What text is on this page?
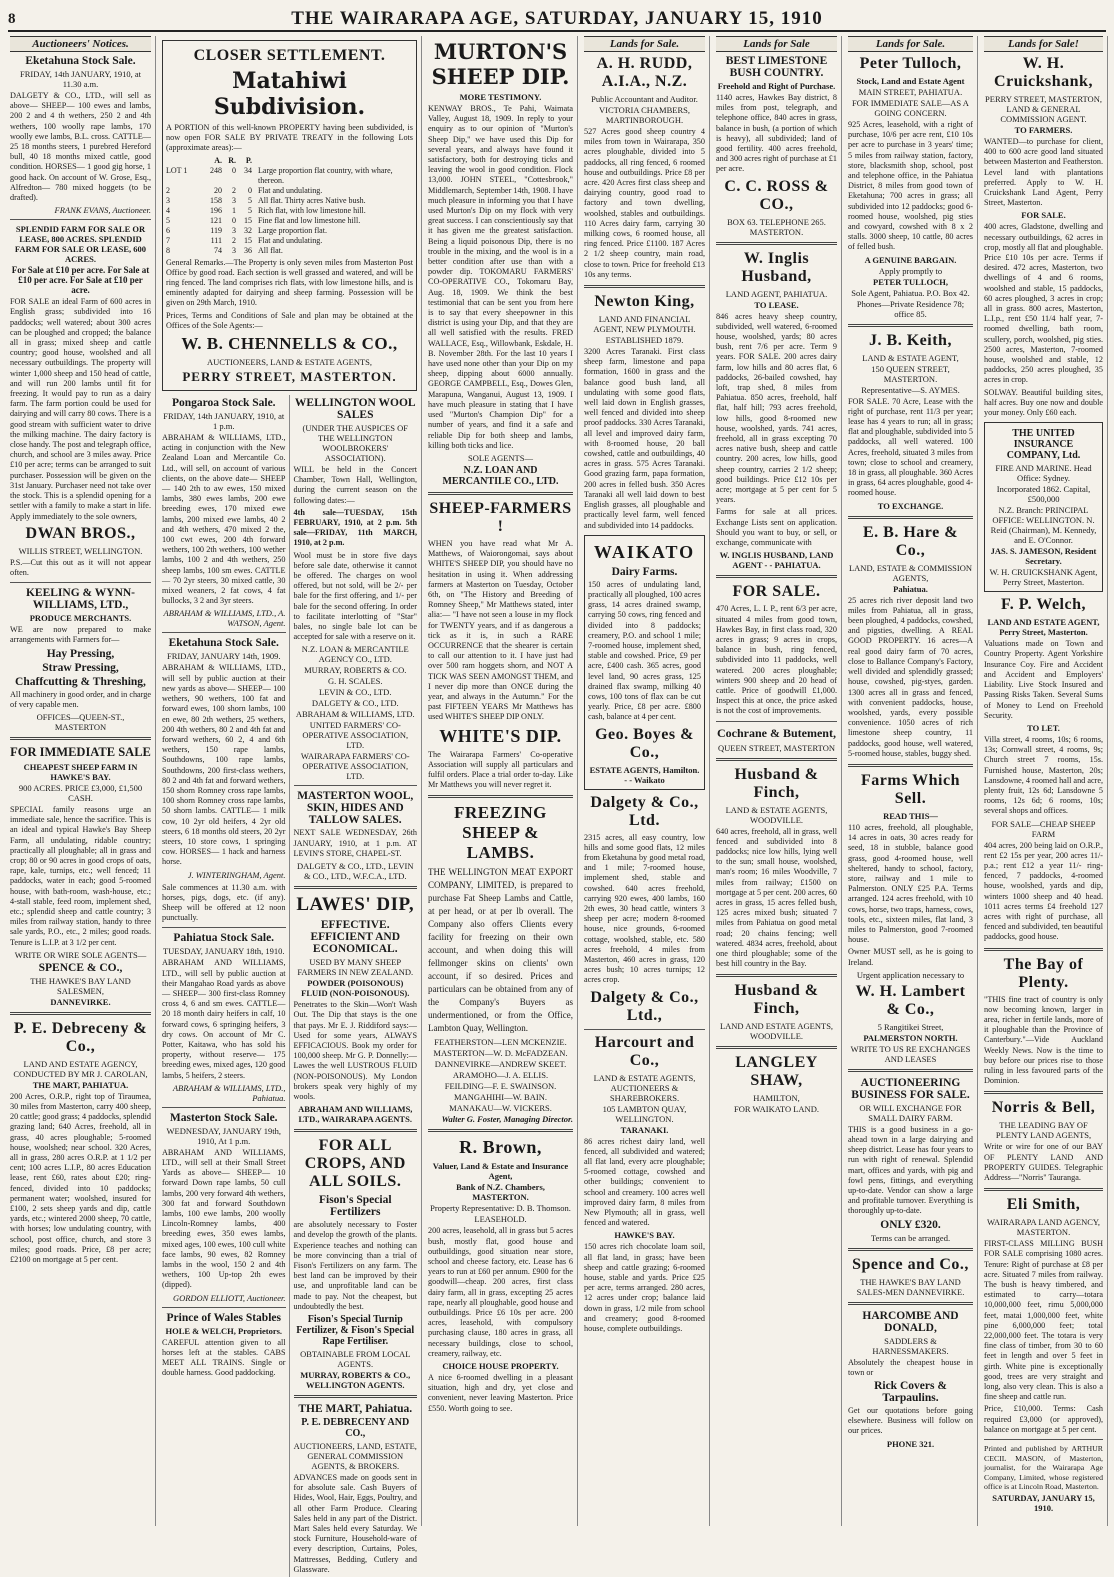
8	THE WAIRARAPA AGE, SATURDAY, JANUARY 15, 1910
Auctioneers' Notices.
Eketahuna Stock Sale.
FRIDAY, 14th JANUARY, 1910, at 11.30 a.m.
DALGETY & CO., LTD., will sell as above— SHEEP— 100 ewes and lambs, 200 2 and 4 th wethers, 250 2 and 4th wethers, 100 woolly rape lambs, 170 woolly ewe lambs, B.L. cross. CATTLE— 25 18 months steers, 1 purebred Hereford bull, 40 18 months mixed cattle, good condition. HORSES— 1 good gig horse, 1 good hack. On account of W. Grose, Esq., Alfredton— 780 mixed hoggets (to be drafted).
FRANK EVANS, Auctioneer.
SPLENDID FARM FOR SALE OR LEASE, 800 ACRES. SPLENDID FARM FOR SALE OR LEASE, 600 ACRES.
For Sale at £10 per acre. For Sale at £10 per acre. For Sale at £10 per acre.
FOR SALE an ideal Farm of 600 acres in English grass; subdivided into 16 paddocks; well watered; about 300 acres can be ploughed and cropped; the balance all in grass; mixed sheep and cattle country; good house, woolshed and all necessary outbuildings. The property will winter 1,000 sheep and 150 head of cattle, and will run 200 lambs until fit for freezing. It would pay to run as a dairy farm. The farm portion could be used for dairying and will carry 80 cows. There is a good stream with sufficient water to drive the milking machine. The dairy factory is close handy. The post and telegraph office, church, and school are 3 miles away. Price £10 per acre; terms can be arranged to suit purchaser. Possession will be given on the 31st January. Purchaser need not take over the stock. This is a splendid opening for a settler with a family to make a start in life. Apply immediately to the sole owners,
DWAN BROS.,
WILLIS STREET, WELLINGTON.
P.S.—Cut this out as it will not appear often.
KEELING & WYNN-WILLIAMS, LTD.,
PRODUCE MERCHANTS.
WE are now prepared to make arrangements with Farmers for—
Hay Pressing,
Straw Pressing,
Chaffcutting & Threshing,
All machinery in good order, and in charge of very capable men.
OFFICES—QUEEN-ST., MASTERTON
FOR IMMEDIATE SALE
CHEAPEST SHEEP FARM IN HAWKE'S BAY.
900 ACRES. PRICE £3,000, £1,500 CASH.
SPECIAL family reasons urge an immediate sale, hence the sacrifice. This is an ideal and typical Hawke's Bay Sheep Farm, all undulating, ridable country; practically all ploughable; all in grass and crop; 80 or 90 acres in good crops of oats, rape, kale, turnips, etc.; well fenced; 11 paddocks, water in each; good 5-roomed house, with bath-room, wash-house, etc.; 4-stall stable, feed room, implement shed, etc.; splendid sheep and cattle country; 3 miles from railway station, handy to three sale yards, P.O., etc., 2 miles; good roads. Tenure is L.I.P. at 3 1/2 per cent.
WRITE OR WIRE SOLE AGENTS—
SPENCE & CO.,
THE HAWKE'S BAY LAND SALESMEN,
DANNEVIRKE.
P. E. Debreceny & Co.,
LAND AND ESTATE AGENCY, CONDUCTED BY MR J. CAROLAN,
THE MART, PAHIATUA.
200 Acres, O.R.P., right top of Tiraumea, 30 miles from Masterton, carry 400 sheep, 20 cattle; good grass; 4 paddocks, splendid grazing land; 640 Acres, freehold, all in grass, 40 acres ploughable; 5-roomed house, woolshed; near school. 320 Acres, all in grass, 280 acres O.R.P. at 1 1/2 per cent; 100 acres L.I.P., 80 acres Education lease, rent £60, rates about £20; ring-fenced, divided into 10 paddocks; permanent water; woolshed, insured for £100, 2 sets sheep yards and dip, cattle yards, etc.; wintered 2000 sheep, 70 cattle, with horses; low undulating country, with school, post office, church, and store 3 miles; good roads. Price, £8 per acre; £2100 on mortgage at 5 per cent.
CLOSER SETTLEMENT.
Matahiwi Subdivision.
A PORTION of this well-known PROPERTY having been subdivided, is now open FOR SALE BY PRIVATE TREATY in the following Lots (approximate areas):—
A. R.	P.
LOT 1	248	0	34 Large proportion flat country, with whare, thereon.
2	20	2	0 Flat and undulating.
3	158	3	5 All flat. Thirty acres Native bush.
4	196	1	5 Rich flat, with low limestone hill.
5	121	0	15 Fine flat and low limestone hill.
6	119	3	32 Large proportion flat.
7	111	2	15 Flat and undulating.
8	74	3	36 All flat.
General Remarks.—The Property is only seven miles from Masterton Post Office by good road. Each section is well grassed and watered, and will be ring fenced. The land comprises rich flats, with low limestone hills, and is eminently adapted for dairying and sheep farming. Possession will be given on 29th March, 1910.
Prices, Terms and Conditions of Sale and plan may be obtained at the Offices of the Sole Agents:—
W. B. CHENNELLS & CO.,
AUCTIONEERS, LAND & ESTATE AGENTS,
PERRY STREET, MASTERTON.
Pongaroa Stock Sale.
FRIDAY, 14th JANUARY, 1910, at 1 p.m.
ABRAHAM & WILLIAMS, LTD., acting in conjunction with the New Zealand Loan and Mercantile Co. Ltd., will sell, on account of various clients, on the above date— SHEEP— 140 2th to aw ewes, 150 mixed lambs, 380 ewes lambs, 200 ewe breeding ewes, 170 mixed ewe lambs, 200 mixed ewe lambs, 40 2 and 4th wethers, 470 mixed 2 the, 100 cwt ewes, 200 4th forward wethers, 100 2th wethers, 100 wether lambs, 100 2 and 4th wethers, 250 sheep lambs, 100 sm ewes. CATTLE— 70 2yr steers, 30 mixed cattle, 30 mixed weaners, 2 fat cows, 4 fat bullocks, 3 2 and 3yr steers.
ABRAHAM & WILLIAMS, LTD., A. WATSON, Agent.
Eketahuna Stock Sale.
FRIDAY, JANUARY 14th, 1909.
ABRAHAM & WILLIAMS, LTD., will sell by public auction at their new yards as above— SHEEP— 100 wethers, 90 wethers, 100 fat and forward ewes, 100 shorn lambs, 100 en ewe, 80 2th wethers, 25 wethers, 200 4th wethers, 80 2 and 4th fat and forward wethers, 60 2, 4 and 6th wethers, 150 rape lambs, Southdowns, 100 rape lambs, Southdowns, 200 first-class wethers, 80 2 and 4th fat and forward wethers, 150 shorn Romney cross rape lambs, 100 shorn Romney cross rape lambs, 50 shorn lambs. CATTLE— 1 milk cow, 10 2yr old heifers, 4 2yr old steers, 6 18 months old steers, 20 2yr steers, 10 store cows, 1 springing cow. HORSES— 1 hack and harness horse.
J. WINTERINGHAM, Agent.
Sale commences at 11.30 a.m. with horses, pigs, dogs, etc. (if any). Sheep will be offered at 12 noon punctually.
Pahiatua Stock Sale.
TUESDAY, JANUARY 18th, 1910.
ABRAHAM AND WILLIAMS, LTD., will sell by public auction at their Mangahao Road yards as above— SHEEP— 300 first-class Romney cross 4, 6 and sm ewes. CATTLE— 20 18 month dairy heifers in calf, 10 forward cows, 6 springing heifers, 3 dry cows. On account of Mr C. Potter, Kaitawa, who has sold his property, without reserve— 175 breeding ewes, mixed ages, 120 good lambs, 5 heifers, 2 steers.
ABRAHAM & WILLIAMS, LTD., Pahiatua.
Masterton Stock Sale.
WEDNESDAY, JANUARY 19th, 1910, At 1 p.m.
ABRAHAM AND WILLIAMS, LTD., will sell at their Small Street Yards as above— SHEEP— 10 forward Down rape lambs, 50 cull lambs, 200 very forward 4th wethers, 300 fat and forward Southdown lambs, 100 ewe lambs, 200 woolly Lincoln-Romney lambs, 400 breeding ewes, 350 ewes lambs, mixed ages, 100 ewes, 100 cull white face lambs, 90 ewes, 82 Romney lambs in the wool, 150 2 and 4th wethers, 100 Up-top 2th ewes (dipped).
GORDON ELLIOTT, Auctioneer.
Prince of Wales Stables
HOLE & WELCH, Proprietors.
CAREFUL attention given to all horses left at the stables. CABS MEET ALL TRAINS. Single or double harness. Good paddocking.
WELLINGTON WOOL SALES
(UNDER THE AUSPICES OF THE WELLINGTON WOOLBROKERS' ASSOCIATION).
WILL be held in the Concert Chamber, Town Hall, Wellington, during the current season on the following dates:—
4th sale—TUESDAY, 15th FEBRUARY, 1910, at 2 p.m. 5th sale—FRIDAY, 11th MARCH, 1910, at 2 p.m.
Wool must be in store five days before sale date, otherwise it cannot be offered. The charges on wool offered, but not sold, will be 2/- per bale for the first offering, and 1/- per bale for the second offering. In order to facilitate interlotting of "Star" bales, no single bale lot can be accepted for sale with a reserve on it.
N.Z. LOAN & MERCANTILE AGENCY CO., LTD.
MURRAY, ROBERTS & CO.
G. H. SCALES.
LEVIN & CO., LTD.
DALGETY & CO., LTD.
ABRAHAM & WILLIAMS, LTD.
UNITED FARMERS' CO-OPERATIVE ASSOCIATION, LTD.
WAIRARAPA FARMERS' CO-OPERATIVE ASSOCIATION, LTD.
MASTERTON WOOL, SKIN, HIDES AND TALLOW SALES.
NEXT SALE WEDNESDAY, 26th JANUARY, 1910, at 1 p.m. AT LEVIN'S STORE, CHAPEL-ST.
DALGETY & CO., LTD., LEVIN & CO., LTD., W.F.C.A., LTD.
LAWES' DIP,
EFFECTIVE. EFFICIENT AND ECONOMICAL.
USED BY MANY SHEEP FARMERS IN NEW ZEALAND.
POWDER (POISONOUS) FLUID (NON-POISONOUS).
Penetrates to the Skin—Won't Wash Out. The Dip that stays is the one that pays. Mr E. J. Riddiford says:—Used for some years, ALWAYS EFFICACIOUS. Book my order for 100,000 sheep. Mr G. P. Donnelly:—Lawes the well LUSTROUS FLUID (NON-POISONOUS). My London brokers speak very highly of my wools.
ABRAHAM AND WILLIAMS, LTD., WAIRARAPA AGENTS.
FOR ALL CROPS, AND ALL SOILS.
Fison's Special Fertilizers
are absolutely necessary to Foster and develop the growth of the plants. Experience teaches and nothing can be more convincing than a trial of Fison's Fertilizers on any farm. The best land can be improved by their use, and unprofitable land can be made to pay. Not the cheapest, but undoubtedly the best.
Fison's Special Turnip Fertilizer, & Fison's Special Rape Fertiliser.
OBTAINABLE FROM LOCAL AGENTS.
MURRAY, ROBERTS & CO., WELLINGTON AGENTS.
THE MART, Pahiatua.
P. E. DEBRECENY AND CO.,
AUCTIONEERS, LAND, ESTATE, GENERAL COMMISSION AGENTS, & BROKERS.
ADVANCES made on goods sent in for absolute sale. Cash Buyers of Hides, Wool, Hair, Eggs, Poultry, and all other Farm Produce. Clearing Sales held in any part of the District. Mart Sales held every Saturday. We stock Furniture, Household-ware of every description, Curtains, Poles, Mattresses, Bedding, Cutlery and Glassware.
MURTON'S SHEEP DIP.
MORE TESTIMONY.
KENWAY BROS., Te Pahi, Waimata Valley, August 18, 1909. In reply to your enquiry as to our opinion of "Murton's Sheep Dip," we have used this Dip for several years, and always have found it satisfactory, both for destroying ticks and leaving the wool in good condition. Flock 13,000. JOHN STEEL, "Cottesbrook," Middlemarch, September 14th, 1908. I have much pleasure in informing you that I have used Murton's Dip on my flock with very great success. I can conscientiously say that it has given me the greatest satisfaction. Being a liquid poisonous Dip, there is no trouble in the mixing, and the wool is in a better condition after use than with a powder dip. TOKOMARU FARMERS' CO-OPERATIVE CO., Tokomaru Bay, Aug. 18, 1909. We think the best testimonial that can be sent you from here is to say that every sheepowner in this district is using your Dip, and that they are all well satisfied with the results. FRED WALLACE, Esq., Willowbank, Eskdale, H. B. November 28th. For the last 10 years I have used none other than your Dip on my sheep, dipping about 6000 annually. GEORGE CAMPBELL, Esq., Dowes Glen, Marapuna, Wanganui, August 13, 1909. I have much pleasure in stating that I have used "Murton's Champion Dip" for a number of years, and find it a safe and reliable Dip for both sheep and lambs, killing both ticks and lice.
SOLE AGENTS—
N.Z. LOAN AND MERCANTILE CO., LTD.
SHEEP-FARMERS !
WHEN you have read what Mr A. Matthews, of Waiorongomai, says about WHITE'S SHEEP DIP, you should have no hesitation in using it. When addressing farmers at Masterton on Tuesday, October 6th, on "The History and Breeding of Romney Sheep," Mr Matthews stated, inter alia:— "I have not seen a louse in my flock for TWENTY years, and if as dangerous a tick as it is, in such a RARE OCCURRENCE that the shearer is certain to call our attention to it. I have just had over 500 ram hoggets shorn, and NOT A TICK WAS SEEN AMONGST THEM, and I never dip more than ONCE during the year, and always in the Autumn." For the past FIFTEEN YEARS Mr Matthews has used WHITE'S SHEEP DIP ONLY.
WHITE'S DIP.
The Wairarapa Farmers' Co-operative Association will supply all particulars and fulfil orders. Place a trial order to-day. Like Mr Matthews you will never regret it.
FREEZING SHEEP & LAMBS.
THE WELLINGTON MEAT EXPORT COMPANY, LIMITED, is prepared to purchase Fat Sheep Lambs and Cattle, at per head, or at per lb overall. The Company also offers Clients every facility for freezing on their own account, and when doing this will fellmonger skins on clients' own account, if so desired. Prices and particulars can be obtained from any of the Company's Buyers as undermentioned, or from the Office, Lambton Quay, Wellington.
FEATHERSTON—LEN MCKENZIE.
MASTERTON—W. D. McFADZEAN.
DANNEVIRKE—ANDREW SKEET.
ARAMOHO—J. A. ELLIS.
FEILDING—F. E. SWAINSON.
MANGAHIHI—W. BAIN.
MANAKAU—W. VICKERS.
Walter G. Foster, Managing Director.
R. Brown,
Valuer, Land & Estate and Insurance Agent,
Bank of N.Z. Chambers, MASTERTON.
Property Representative: D. B. Thomson.
LEASEHOLD.
200 acres, leasehold, all in grass but 5 acres bush, mostly flat, good house and outbuildings, good situation near store, school and cheese factory, etc. Lease has 6 years to run at £60 per annum. £900 for the goodwill—cheap. 200 acres, first class dairy farm, all in grass, excepting 25 acres rape, nearly all ploughable, good house and outbuildings. Price £6 10s per acre. 200 acres, leasehold, with compulsory purchasing clause, 180 acres in grass, all necessary buildings, close to school, creamery, railway, etc.
CHOICE HOUSE PROPERTY.
A nice 6-roomed dwelling in a pleasant situation, high and dry, yet close and convenient, never leaving Masterton. Price £550. Worth going to see.
Lands for Sale.
A. H. RUDD, A.I.A., N.Z.
Public Accountant and Auditor.
VICTORIA CHAMBERS, MARTINBOROUGH.
527 Acres good sheep country 4 miles from town in Wairarapa, 350 acres ploughable, divided into 5 paddocks, all ring fenced, 6 roomed house and outbuildings. Price £8 per acre. 420 Acres first class sheep and dairying country, good road to factory and town dwelling, woolshed, stables and outbuildings. 110 Acres dairy farm, carrying 30 milking cows, 6 roomed house, all ring fenced. Price £1100. 187 Acres 2 1/2 sheep country, main road, close to town. Price for freehold £13 10s any terms.
Newton King,
LAND AND FINANCIAL AGENT, NEW PLYMOUTH.
ESTABLISHED 1879.
3200 Acres Taranaki. First class sheep farm, limestone and papa formation, 1600 in grass and the balance good bush land, all undulating with some good flats, well laid down in English grasses, well fenced and divided into sheep proof paddocks. 330 Acres Taranaki, all level and improved dairy farm, with 8-roomed house, 20 ball cowshed, cattle and outbuildings, 40 acres in grass. 575 Acres Taranaki. Good grazing farm, papa formation, 200 acres in felled bush. 350 Acres Taranaki all well laid down to best English grasses, all ploughable and practically level farm, well fenced and subdivided into 14 paddocks.
WAIKATO
Dairy Farms.
150 acres of undulating land, practically all ploughed, 100 acres grass, 14 acres drained swamp, carrying 50 cows, ring fenced and divided into 8 paddocks; creamery, P.O. and school 1 mile; 7-roomed house, implement shed, stable and cowshed. Price, £9 per acre, £400 cash. 365 acres, good level land, 90 acres grass, 125 drained flax swamp, milking 40 cows, 100 tons of flax can be cut yearly. Price, £8 per acre. £800 cash, balance at 4 per cent.
Geo. Boyes & Co.,
ESTATE AGENTS, Hamilton. - - Waikato
Dalgety & Co., Ltd.
2315 acres, all easy country, low hills and some good flats, 12 miles from Eketahuna by good metal road, and 1 mile; 7-roomed house, implement shed, stable and cowshed. 640 acres freehold, carrying 920 ewes, 400 lambs, 160 2th ewes, 30 head cattle, winters 3 sheep per acre; modern 8-roomed house, nice grounds, 6-roomed cottage, woolshed, stable, etc. 580 acres freehold, 4 miles from Masterton, 460 acres in grass, 120 acres bush; 10 acres turnips; 12 acres crop.
Dalgety & Co., Ltd.,
Harcourt and Co.,
LAND & ESTATE AGENTS, AUCTIONEERS & SHAREBROKERS.
105 LAMBTON QUAY, WELLINGTON.
TARANAKI.
86 acres richest dairy land, well fenced, all subdivided and watered; all flat land, every acre ploughable; 5-roomed cottage, cowshed and other buildings; convenient to school and creamery. 100 acres well improved dairy farm, 8 miles from New Plymouth; all in grass, well fenced and watered.
HAWKE'S BAY.
150 acres rich chocolate loam soil, all flat land, in grass; have been sheep and cattle grazing; 6-roomed house, stable and yards. Price £25 per acre, terms arranged. 280 acres, 12 acres under crop; balance laid down in grass, 1/2 mile from school and creamery; good 8-roomed house, complete outbuildings.
Lands for Sale
BEST LIMESTONE BUSH COUNTRY.
Freehold and Right of Purchase.
1140 acres, Hawkes Bay district, 8 miles from post, telegraph, and telephone office, 840 acres in grass, balance in bush, (a portion of which is heavy), all subdivided; land of good fertility. 400 acres freehold, and 300 acres right of purchase at £1 per acre.
C. C. ROSS & CO.,
BOX 63. TELEPHONE 265. MASTERTON.
W. Inglis Husband,
LAND AGENT, PAHIATUA.
TO LEASE.
846 acres heavy sheep country, subdivided, well watered, 6-roomed house, woolshed, yards; 80 acres bush, rent 7/6 per acre. Term 9 years. FOR SALE. 200 acres dairy farm, low hills and 80 acres flat, 6 paddocks, 26-bailed cowshed, hay loft, trap shed, 8 miles from Pahiatua. 850 acres, freehold, half flat, half hill; 793 acres freehold, low hills, good 8-roomed new house, woolshed, yards. 741 acres, freehold, all in grass excepting 70 acres native bush, sheep and cattle country. 200 acres, low hills, good sheep country, carries 2 1/2 sheep; good buildings. Price £12 10s per acre; mortgage at 5 per cent for 5 years.
Farms for sale at all prices. Exchange Lists sent on application. Should you want to buy, or sell, or exchange, communicate with
W. INGLIS HUSBAND, LAND AGENT - - PAHIATUA.
FOR SALE.
470 Acres, L. I. P., rent 6/3 per acre, situated 4 miles from good town, Hawkes Bay, in first class road, 320 acres in grass; 9 acres in crops, balance in bush, ring fenced, subdivided into 11 paddocks, well watered. 200 acres ploughable; winters 900 sheep and 20 head of cattle. Price of goodwill £1,000. Inspect this at once, the price asked is not the cost of improvements.
Cochrane & Butement,
QUEEN STREET, MASTERTON
Husband & Finch,
LAND & ESTATE AGENTS, WOODVILLE.
640 acres, freehold, all in grass, well fenced and subdivided into 8 paddocks; nice low hills, lying well to the sun; small house, woolshed, man's room; 16 miles Woodville, 7 miles from railway; £1500 on mortgage at 5 per cent. 200 acres, 60 acres in grass, 15 acres felled bush, 125 acres mixed bush; situated 7 miles from Pahiatua on good metal road; 20 chains fencing; well watered. 4834 acres, freehold, about one third ploughable; some of the best hill country in the Bay.
Husband & Finch,
LAND AND ESTATE AGENTS, WOODVILLE.
LANGLEY SHAW,
HAMILTON,
FOR WAIKATO LAND.
Lands for Sale.
Peter Tulloch,
Stock, Land and Estate Agent
MAIN STREET, PAHIATUA.
FOR IMMEDIATE SALE—AS A GOING CONCERN.
925 Acres, leasehold, with a right of purchase, 10/6 per acre rent, £10 10s per acre to purchase in 3 years' time; 5 miles from railway station, factory, store, blacksmith shop, school, post and telephone office, in the Pahiatua District, 8 miles from good town of Eketahuna; 700 acres in grass; all subdivided into 12 paddocks; good 6-roomed house, woolshed, pig sties and cowyard, cowshed with 8 x 2 stalls. 3000 sheep, 10 cattle, 80 acres of felled bush.
A GENUINE BARGAIN.
Apply promptly to
PETER TULLOCH,
Sole Agent, Pahiatua. P.O. Box 42.
Phones—Private Residence 78; office 85.
J. B. Keith,
LAND & ESTATE AGENT,
150 QUEEN STREET, MASTERTON.
Representative—S. AYMES.
FOR SALE. 70 Acre, Lease with the right of purchase, rent 11/3 per year; lease has 4 years to run; all in grass; flat and ploughable, subdivided into 5 paddocks, all well watered. 100 Acres, freehold, situated 3 miles from town; close to school and creamery, 18 in grass, all ploughable. 360 Acres in grass, 64 acres ploughable, good 4-roomed house.
TO EXCHANGE.
E. B. Hare & Co.,
LAND, ESTATE & COMMISSION AGENTS,
Pahiatua.
25 acres rich river deposit land two miles from Pahiatua, all in grass, been ploughed, 4 paddocks, cowshed, and pigsties, dwelling. A REAL GOOD PROPERTY. 16 acres—A real good dairy farm of 70 acres, close to Ballance Company's Factory, well divided and splendidly grassed; house, cowshed, pig-styes, garden. 1300 acres all in grass and fenced, with convenient paddocks, house, woolshed, yards, every possible convenience. 1050 acres of rich limestone sheep country, 11 paddocks, good house, well watered, 5-roomed house, stables, buggy shed.
Farms Which Sell.
READ THIS—
110 acres, freehold, all ploughable, 14 acres in oats, 30 acres ready for seed, 18 in stubble, balance good grass, good 4-roomed house, well sheltered, handy to school, factory, store, railway and 1 mile to Palmerston. ONLY £25 P.A. Terms arranged. 124 acres freehold, with 10 cows, horse, two traps, harness, cows, tools, etc., sixteen miles, flat land, 3 miles to Palmerston, good 7-roomed house.
Owner MUST sell, as he is going to Ireland.
Urgent application necessary to
W. H. Lambert & Co.,
5 Rangitikei Street,
PALMERSTON NORTH.
WRITE TO US RE EXCHANGES AND LEASES
AUCTIONEERING BUSINESS FOR SALE.
OR WILL EXCHANGE FOR SMALL DAIRY FARM.
THIS is a good business in a go-ahead town in a large dairying and sheep district. Lease has four years to run with right of renewal. Splendid mart, offices and yards, with pig and fowl pens, fittings, and everything up-to-date. Vendor can show a large and profitable turnover. Everything is thoroughly up-to-date.
ONLY £320.
Terms can be arranged.
Spence and Co.,
THE HAWKE'S BAY LAND SALES-MEN DANNEVIRKE.
HARCOMBE AND DONALD,
SADDLERS & HARNESSMAKERS.
Absolutely the cheapest house in town or
Rick Covers & Tarpaulins.
Get our quotations before going elsewhere. Business will follow on our prices.
PHONE 321.
Lands for Sale!
W. H. Cruickshank,
PERRY STREET, MASTERTON, LAND & GENERAL COMMISSION AGENT.
TO FARMERS.
WANTED—to purchase for client, 400 to 600 acre good land situated between Masterton and Featherston. Level land with plantations preferred. Apply to W. H. Cruickshank Land Agent, Perry Street, Masterton.
FOR SALE.
400 acres, Gladstone, dwelling and necessary outbuildings, 62 acres in crop, mostly all flat and ploughable. Price £10 10s per acre. Terms if desired. 472 acres, Masterton, two dwellings of 4 and 6 rooms, woolshed and stable, 15 paddocks, 60 acres ploughed, 3 acres in crop; all in grass. 800 acres, Masterton, L.I.p., rent £50 11/4 half year, 7-roomed dwelling, bath room, scullery, porch, woolshed, pig sties. 2500 acres, Masterton, 7-roomed house, woolshed and stable, 12 paddocks, 250 acres ploughed, 35 acres in crop.
SOLWAY. Beautiful building sites, half acres. Buy one now and double your money. Only £60 each.
THE UNITED INSURANCE COMPANY, Ltd.
FIRE AND MARINE. Head Office: Sydney.
Incorporated 1862. Capital, £500,000
N.Z. Branch: PRINCIPAL OFFICE: WELLINGTON. N. Reid (Chairman), M. Kennedy, and E. O'Connor.
JAS. S. JAMESON, Resident Secretary.
W. H. CRUICKSHANK Agent, Perry Street, Masterton.
F. P. Welch,
LAND AND ESTATE AGENT, Perry Street, Masterton.
Valuations made on Town and Country Property. Agent Yorkshire Insurance Coy. Fire and Accident and Accident and Employers' Liability. Live Stock Insured and Passing Risks Taken. Several Sums of Money to Lend on Freehold Security.
TO LET.
Villa street, 4 rooms, 10s; 6 rooms, 13s; Cornwall street, 4 rooms, 9s; Church street 7 rooms, 15s. Furnished house, Masterton, 20s; Lansdowne, 4 roomed hall and acre, plenty fruit, 12s 6d; Lansdowne 5 rooms, 12s 6d; 6 rooms, 10s; several shops and offices.
FOR SALE—CHEAP SHEEP FARM
404 acres, 200 being laid on O.R.P., rent £2 15s per year, 200 acres 11/-p.a.; rent £12 a year 11/- ring-fenced, 7 paddocks, 4-roomed house, woolshed, yards and dip, winters 1000 sheep and 40 head. 1011 acres terms £4 freehold 127 acres with right of purchase, all fenced and subdivided, ten beautiful paddocks, good house.
The Bay of Plenty.
"THIS fine tract of country is only now becoming known, larger in area, richer in fertile lands, more of it ploughable than the Province of Canterbury."—Vide Auckland Weekly News. Now is the time to buy before our prices rise to those ruling in less favoured parts of the Dominion.
Norris & Bell,
THE LEADING BAY OF PLENTY LAND AGENTS,
Write or wire for one of our BAY OF PLENTY LAND AND PROPERTY GUIDES. Telegraphic Address—"Norris" Tauranga.
Eli Smith,
WAIRARAPA LAND AGENCY, MASTERTON.
FIRST-CLASS MILLING BUSH FOR SALE comprising 1080 acres. Tenure: Right of purchase at £8 per acre. Situated 7 miles from railway. The bush is heavy timbered, and estimated to carry—totara 10,000,000 feet, rimu 5,000,000 feet, matai 1,000,000 feet, white pine 6,000,000 feet; total 22,000,000 feet. The totara is very fine class of timber, from 30 to 60 feet in length and over 5 feet in girth. White pine is exceptionally good, trees are very straight and long, also very clean. This is also a fine sheep and cattle run.
Price, £10,000. Terms: Cash required £3,000 (or approved), balance on mortgage at 5 per cent.
Printed and published by ARTHUR CECIL MASON, of Masterton, journalist, for the Wairarapa Age Company, Limited, whose registered office is at Lincoln Road, Masterton.
SATURDAY, JANUARY 15, 1910.
